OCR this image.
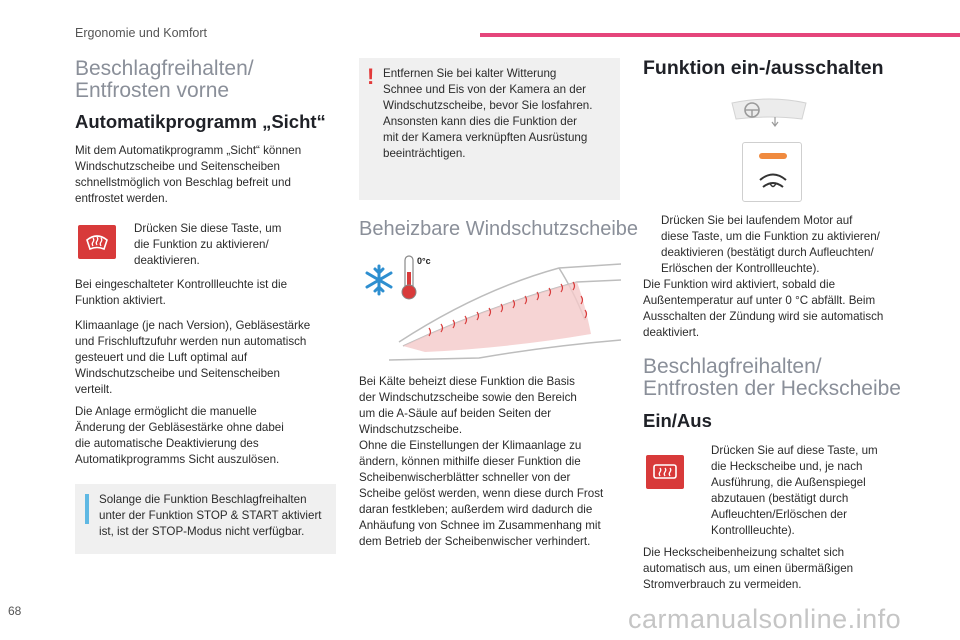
Ergonomie und Komfort
Beschlagfreihalten/
Entfrosten vorne
Automatikprogramm „Sicht“
Mit dem Automatikprogramm „Sicht“ können
Windschutzscheibe und Seitenscheiben
schnellstmöglich von Beschlag befreit und
entfrostet werden.
Drücken Sie diese Taste, um
die Funktion zu aktivieren/
deaktivieren.
Bei eingeschalteter Kontrollleuchte ist die
Funktion aktiviert.
Klimaanlage (je nach Version), Gebläsestärke
und Frischluftzufuhr werden nun automatisch
gesteuert und die Luft optimal auf
Windschutzscheibe und Seitenscheiben
verteilt.
Die Anlage ermöglicht die manuelle
Änderung der Gebläsestärke ohne dabei
die automatische Deaktivierung des
Automatikprogramms Sicht auszulösen.
Solange die Funktion Beschlagfreihalten
unter der Funktion STOP & START aktiviert
ist, ist der STOP-Modus nicht verfügbar.
! Entfernen Sie bei kalter Witterung
Schnee und Eis von der Kamera an der
Windschutzscheibe, bevor Sie losfahren.
Ansonsten kann dies die Funktion der
mit der Kamera verknüpften Ausrüstung
beeinträchtigen.
Beheizbare Windschutzscheibe
0°c
Bei Kälte beheizt diese Funktion die Basis
der Windschutzscheibe sowie den Bereich
um die A-Säule auf beiden Seiten der
Windschutzscheibe.
Ohne die Einstellungen der Klimaanlage zu
ändern, können mithilfe dieser Funktion die
Scheibenwischerblätter schneller von der
Scheibe gelöst werden, wenn diese durch Frost
daran festkleben; außerdem wird dadurch die
Anhäufung von Schnee im Zusammenhang mit
dem Betrieb der Scheibenwischer verhindert.
Funktion ein-/ausschalten
Drücken Sie bei laufendem Motor auf
diese Taste, um die Funktion zu aktivieren/
deaktivieren (bestätigt durch Aufleuchten/
Erlöschen der Kontrollleuchte).
Die Funktion wird aktiviert, sobald die
Außentemperatur auf unter 0 °C abfällt. Beim
Ausschalten der Zündung wird sie automatisch
deaktiviert.
Beschlagfreihalten/
Entfrosten der Heckscheibe
Ein/Aus
Drücken Sie auf diese Taste, um
die Heckscheibe und, je nach
Ausführung, die Außenspiegel
abzutauen (bestätigt durch
Aufleuchten/Erlöschen der
Kontrollleuchte).
Die Heckscheibenheizung schaltet sich
automatisch aus, um einen übermäßigen
Stromverbrauch zu vermeiden.
68	carmanualsonline.info
